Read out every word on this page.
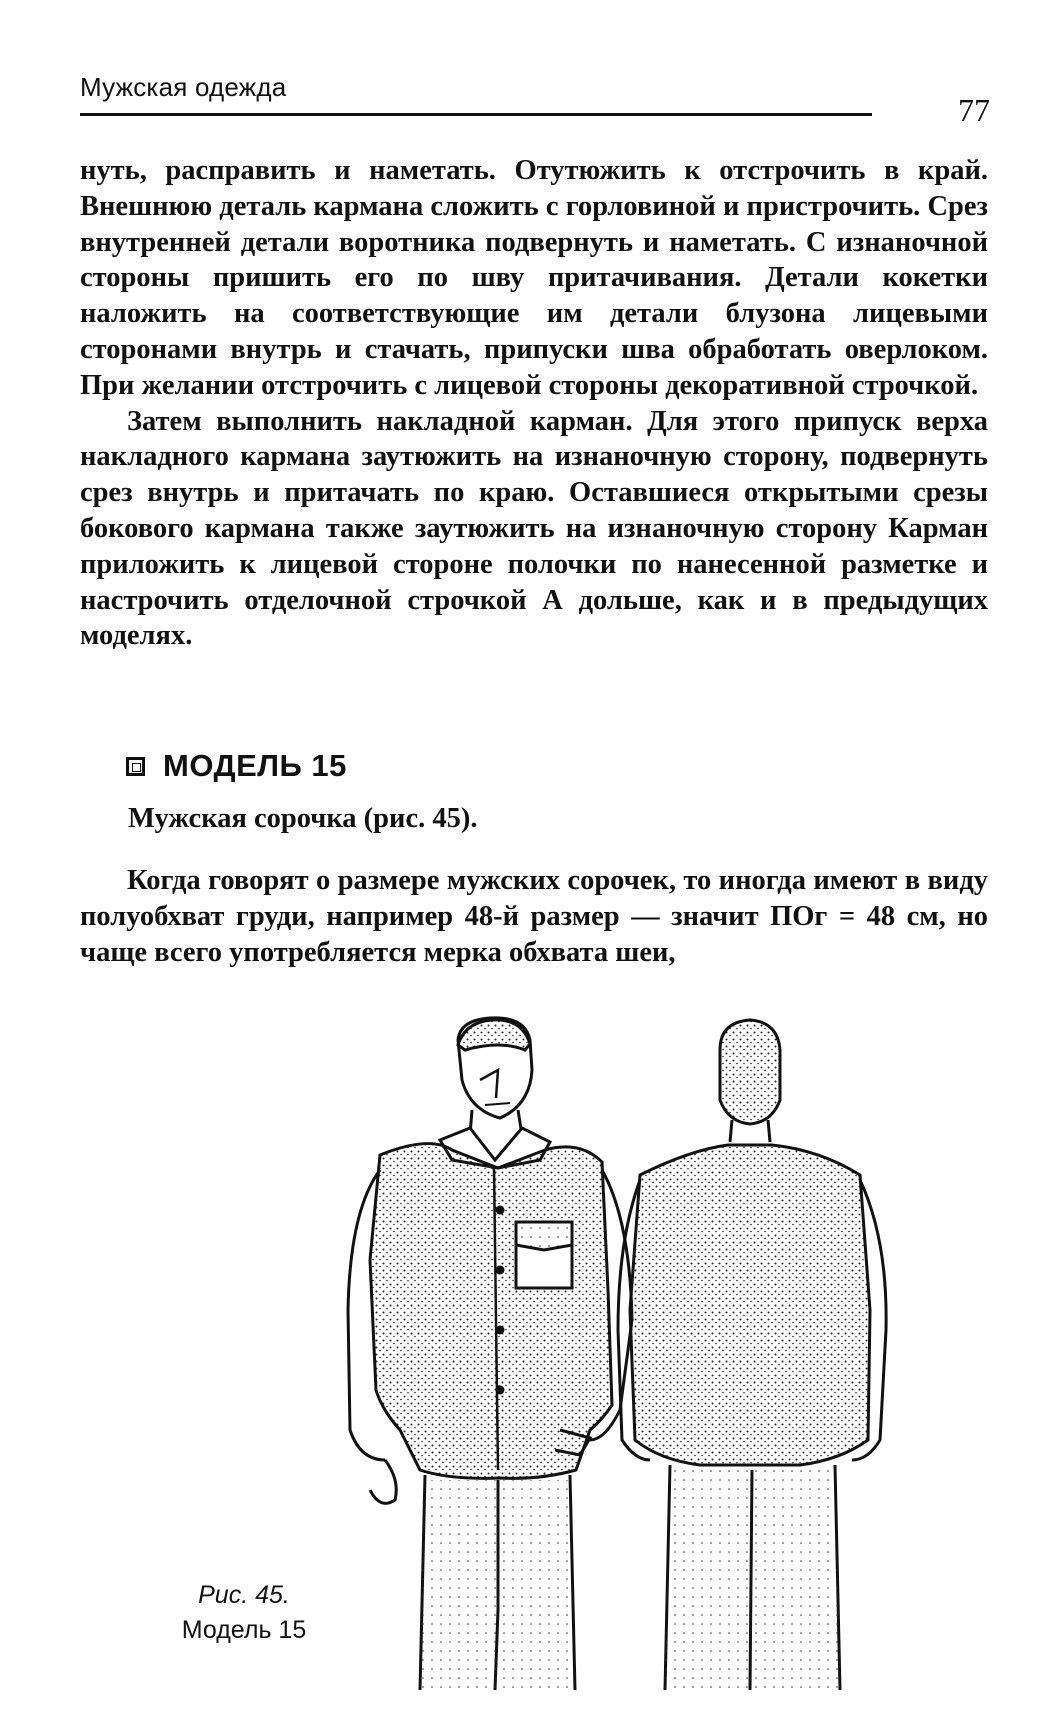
Мужская одежда
77

нуть, расправить и наметать. Отутюжить к отстрочить в край. Внешнюю деталь кармана сложить с горловиной и пристрочить. Срез внутренней детали воротника подвернуть и наметать. С изнаночной стороны пришить его по шву притачивания. Детали кокетки наложить на соответствующие им детали блузона лицевыми сторонами внутрь и стачать, припуски шва обработать оверлоком. При желании отстрочить с лицевой стороны декоративной строчкой.

Затем выполнить накладной карман. Для этого припуск верха накладного кармана заутюжить на изнаночную сторону, подвернуть срез внутрь и притачать по краю. Оставшиеся открытыми срезы бокового кармана также заутюжить на изнаночную сторону Карман приложить к лицевой стороне полочки по нанесенной разметке и настрочить отделочной строчкой А дольше, как и в предыдущих моделях.

МОДЕЛЬ 15
Мужская сорочка (рис. 45).

Когда говорят о размере мужских сорочек, то иногда имеют в виду полуобхват груди, например 48-й размер — значит ПОг = 48 см, но чаще всего употребляется мерка обхвата шеи,

Рис. 45.
Модель 15
